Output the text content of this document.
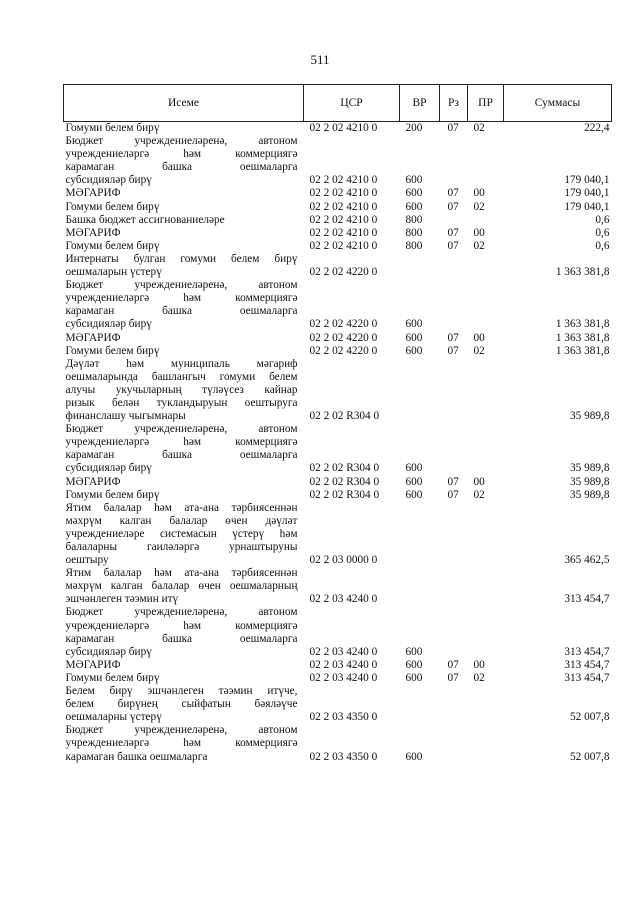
511
Исеме	ЦСР	ВР	Рз	ПР	Суммасы
Гомуми белем бирү	02 2 02 4210 0	200	07	02	222,4
Бюджет учреждениеләренә, автоном					
учреждениеләргә һәм коммерциягә					
карамаган башка оешмаларга					
субсидияләр бирү	02 2 02 4210 0	600			179 040,1
МӘГАРИФ	02 2 02 4210 0	600	07	00	179 040,1
Гомуми белем бирү	02 2 02 4210 0	600	07	02	179 040,1
Башка бюджет ассигнованиеләре	02 2 02 4210 0	800			0,6
МӘГАРИФ	02 2 02 4210 0	800	07	00	0,6
Гомуми белем бирү	02 2 02 4210 0	800	07	02	0,6
Интернаты булган гомуми белем бирү					
оешмаларын үстерү	02 2 02 4220 0				1 363 381,8
Бюджет учреждениеләренә, автоном					
учреждениеләргә һәм коммерциягә					
карамаган башка оешмаларга					
субсидияләр бирү	02 2 02 4220 0	600			1 363 381,8
МӘГАРИФ	02 2 02 4220 0	600	07	00	1 363 381,8
Гомуми белем бирү	02 2 02 4220 0	600	07	02	1 363 381,8
Дәүләт һәм муниципаль мәгариф					
оешмаларында башлангыч гомуми белем					
алучы укучыларның түләүсез кайнар					
ризык белән тукландыруын оештыруга					
финанслашу чыгымнары	02 2 02 R304 0				35 989,8
Бюджет учреждениеләренә, автоном					
учреждениеләргә һәм коммерциягә					
карамаган башка оешмаларга					
субсидияләр бирү	02 2 02 R304 0	600			35 989,8
МӘГАРИФ	02 2 02 R304 0	600	07	00	35 989,8
Гомуми белем бирү	02 2 02 R304 0	600	07	02	35 989,8
Ятим балалар һәм ата-ана тәрбиясеннән					
мәхрүм калган балалар өчен дәүләт					
учреждениеләре системасын үстерү һәм					
балаларны гаиләләргә урнаштыруны					
оештыру	02 2 03 0000 0				365 462,5
Ятим балалар һәм ата-ана тәрбиясеннән					
мәхрүм калган балалар өчен оешмаларның					
эшчәнлеген тәэмин итү	02 2 03 4240 0				313 454,7
Бюджет учреждениеләренә, автоном					
учреждениеләргә һәм коммерциягә					
карамаган башка оешмаларга					
субсидияләр бирү	02 2 03 4240 0	600			313 454,7
МӘГАРИФ	02 2 03 4240 0	600	07	00	313 454,7
Гомуми белем бирү	02 2 03 4240 0	600	07	02	313 454,7
Белем бирү эшчәнлеген тәэмин итүче,					
белем бирүнең сыйфатын бәяләүче					
оешмаларны үстерү	02 2 03 4350 0				52 007,8
Бюджет учреждениеләренә, автоном					
учреждениеләргә һәм коммерциягә					
карамаган башка оешмаларга	02 2 03 4350 0	600			52 007,8
